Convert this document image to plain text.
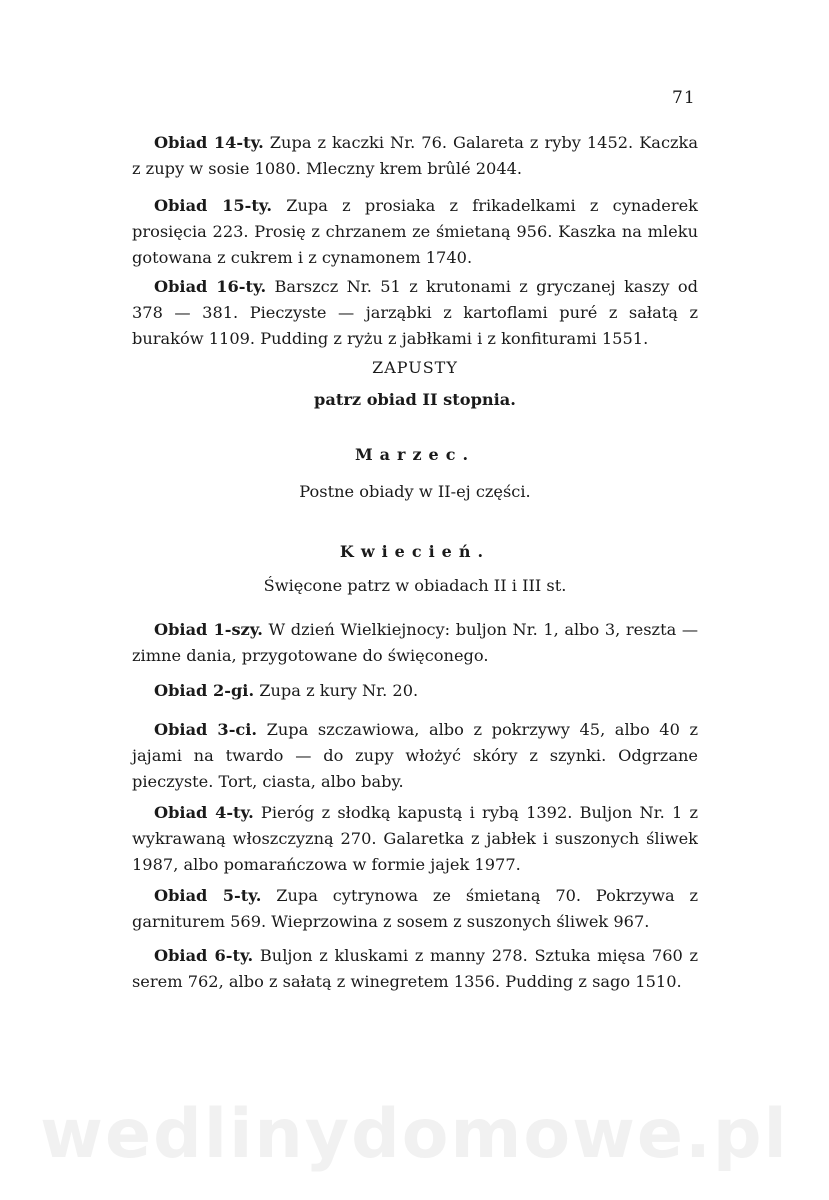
71
Obiad 14-ty. Zupa z kaczki Nr. 76. Galareta z ryby 1452. Kaczka z zupy w sosie 1080. Mleczny krem brûlé 2044.
Obiad 15-ty. Zupa z prosiaka z frikadelkami z cynaderek prosięcia 223. Prosię z chrzanem ze śmietaną 956. Kaszka na mleku gotowana z cukrem i z cynamonem 1740.
Obiad 16-ty. Barszcz Nr. 51 z krutonami z gryczanej kaszy od 378 — 381. Pieczyste — jarząbki z kartoflami puré z sałatą z buraków 1109. Pudding z ryżu z jabłkami i z konfiturami 1551.
ZAPUSTY
patrz obiad II stopnia.
Marzec.
Postne obiady w II-ej części.
Kwiecień.
Święcone patrz w obiadach II i III st.
Obiad 1-szy. W dzień Wielkiejnocy: buljon Nr. 1, albo 3, reszta — zimne dania, przygotowane do święconego.
Obiad 2-gi. Zupa z kury Nr. 20.
Obiad 3-ci. Zupa szczawiowa, albo z pokrzywy 45, albo 40 z jajami na twardo — do zupy włożyć skóry z szynki. Odgrzane pieczyste. Tort, ciasta, albo baby.
Obiad 4-ty. Pieróg z słodką kapustą i rybą 1392. Buljon Nr. 1 z wykrawaną włoszczyzną 270. Galaretka z jabłek i suszonych śliwek 1987, albo pomarańczowa w formie jajek 1977.
Obiad 5-ty. Zupa cytrynowa ze śmietaną 70. Pokrzywa z garniturem 569. Wieprzowina z sosem z suszonych śliwek 967.
Obiad 6-ty. Buljon z kluskami z manny 278. Sztuka mięsa 760 z serem 762, albo z sałatą z winegretem 1356. Pudding z sago 1510.
wedlinydomowe.pl
